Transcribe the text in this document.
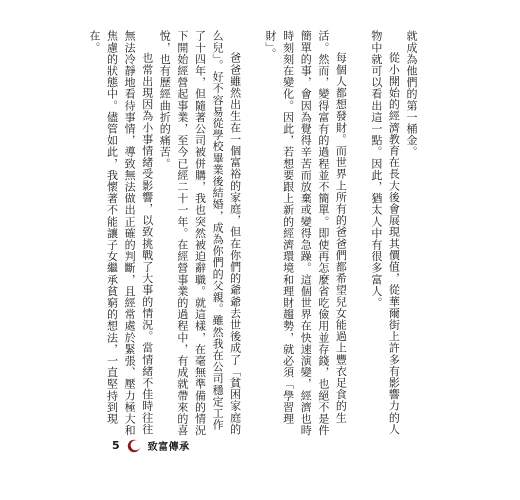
就成為他們的第一桶金。

從小開始的經濟教育在長大後會展現其價值，從華爾街上許多有影響力的人物中就可以看出這一點。因此，猶太人中有很多富人。

每個人都想發財。而世界上所有的爸爸們都希望兒女能過上豐衣足食的生活。然而，變得富有的過程並不簡單。即使再怎麼省吃儉用並存錢，也絕不是件簡單的事，會因為覺得辛苦而放棄或變得急躁。這個世界在快速演變，經濟也時時刻刻在變化。因此，若想要跟上新的經濟環境和理財趨勢，就必須「學習理財」。

爸爸雖然出生在一個富裕的家庭，但在你們的爺爺去世後成了「貧困家庭的么兒」。好不容易從學校畢業後結婚，成為你們的父親。雖然我在公司穩定工作了十四年，但隨著公司被併購，我也突然被迫辭職。就這樣，在毫無準備的情況下開始經營起事業，至今已經二十一年。在經營事業的過程中，有成就帶來的喜悅，也有歷經曲折的痛苦。

也常出現因為小事情緒受影響，以致挑戰了大事的情況。當情緒不佳時往往無法冷靜地看待事情，導致無法做出正確的判斷，且經常處於緊張、壓力極大和焦慮的狀態中。儘管如此，我懷著不能讓子女繼承貧窮的想法，一直堅持到現在。

5	致富傳承
